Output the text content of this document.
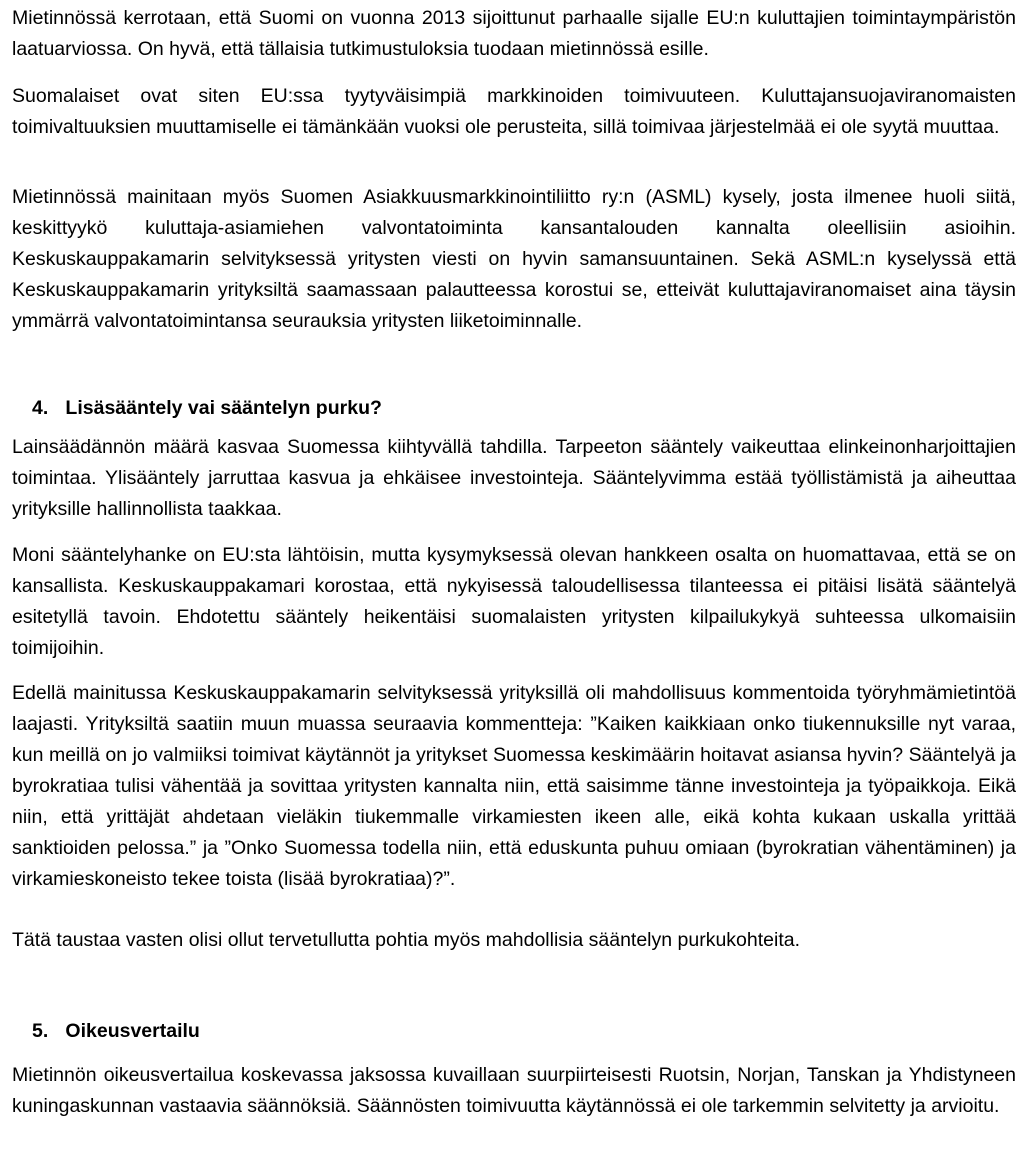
Mietinnössä kerrotaan, että Suomi on vuonna 2013 sijoittunut parhaalle sijalle EU:n kuluttajien toimintaympäristön laatuarviossa. On hyvä, että tällaisia tutkimustuloksia tuodaan mietinnössä esille.

Suomalaiset ovat siten EU:ssa tyytyväisimpiä markkinoiden toimivuuteen. Kuluttajansuojaviranomaisten toimivaltuuksien muuttamiselle ei tämänkään vuoksi ole perusteita, sillä toimivaa järjestelmää ei ole syytä muuttaa.

Mietinnössä mainitaan myös Suomen Asiakkuusmarkkinointiliitto ry:n (ASML) kysely, josta ilmenee huoli siitä, keskittyykö kuluttaja-asiamiehen valvontatoiminta kansantalouden kannalta oleellisiin asioihin. Keskuskauppakamarin selvityksessä yritysten viesti on hyvin samansuuntainen. Sekä ASML:n kyselyssä että Keskuskauppakamarin yrityksiltä saamassaan palautteessa korostui se, etteivät kuluttajaviranomaiset aina täysin ymmärrä valvontatoimintansa seurauksia yritysten liiketoiminnalle.

4. Lisäsääntely vai sääntelyn purku?

Lainsäädännön määrä kasvaa Suomessa kiihtyvällä tahdilla. Tarpeeton sääntely vaikeuttaa elinkeinonharjoittajien toimintaa. Ylisääntely jarruttaa kasvua ja ehkäisee investointeja. Sääntelyvimma estää työllistämistä ja aiheuttaa yrityksille hallinnollista taakkaa.

Moni sääntelyhanke on EU:sta lähtöisin, mutta kysymyksessä olevan hankkeen osalta on huomattavaa, että se on kansallista. Keskuskauppakamari korostaa, että nykyisessä taloudellisessa tilanteessa ei pitäisi lisätä sääntelyä esitetyllä tavoin. Ehdotettu sääntely heikentäisi suomalaisten yritysten kilpailukykyä suhteessa ulkomaisiin toimijoihin.

Edellä mainitussa Keskuskauppakamarin selvityksessä yrityksillä oli mahdollisuus kommentoida työryhmämietintöä laajasti. Yrityksiltä saatiin muun muassa seuraavia kommentteja: ”Kaiken kaikkiaan onko tiukennuksille nyt varaa, kun meillä on jo valmiiksi toimivat käytännöt ja yritykset Suomessa keskimäärin hoitavat asiansa hyvin? Sääntelyä ja byrokratiaa tulisi vähentää ja sovittaa yritysten kannalta niin, että saisimme tänne investointeja ja työpaikkoja. Eikä niin, että yrittäjät ahdetaan vieläkin tiukemmalle virkamiesten ikeen alle, eikä kohta kukaan uskalla yrittää sanktioiden pelossa.” ja ”Onko Suomessa todella niin, että eduskunta puhuu omiaan (byrokratian vähentäminen) ja virkamieskoneisto tekee toista (lisää byrokratiaa)?”.

Tätä taustaa vasten olisi ollut tervetullutta pohtia myös mahdollisia sääntelyn purkukohteita.

5. Oikeusvertailu

Mietinnön oikeusvertailua koskevassa jaksossa kuvaillaan suurpiirteisesti Ruotsin, Norjan, Tanskan ja Yhdistyneen kuningaskunnan vastaavia säännöksiä. Säännösten toimivuutta käytännössä ei ole tarkemmin selvitetty ja arvioitu.
